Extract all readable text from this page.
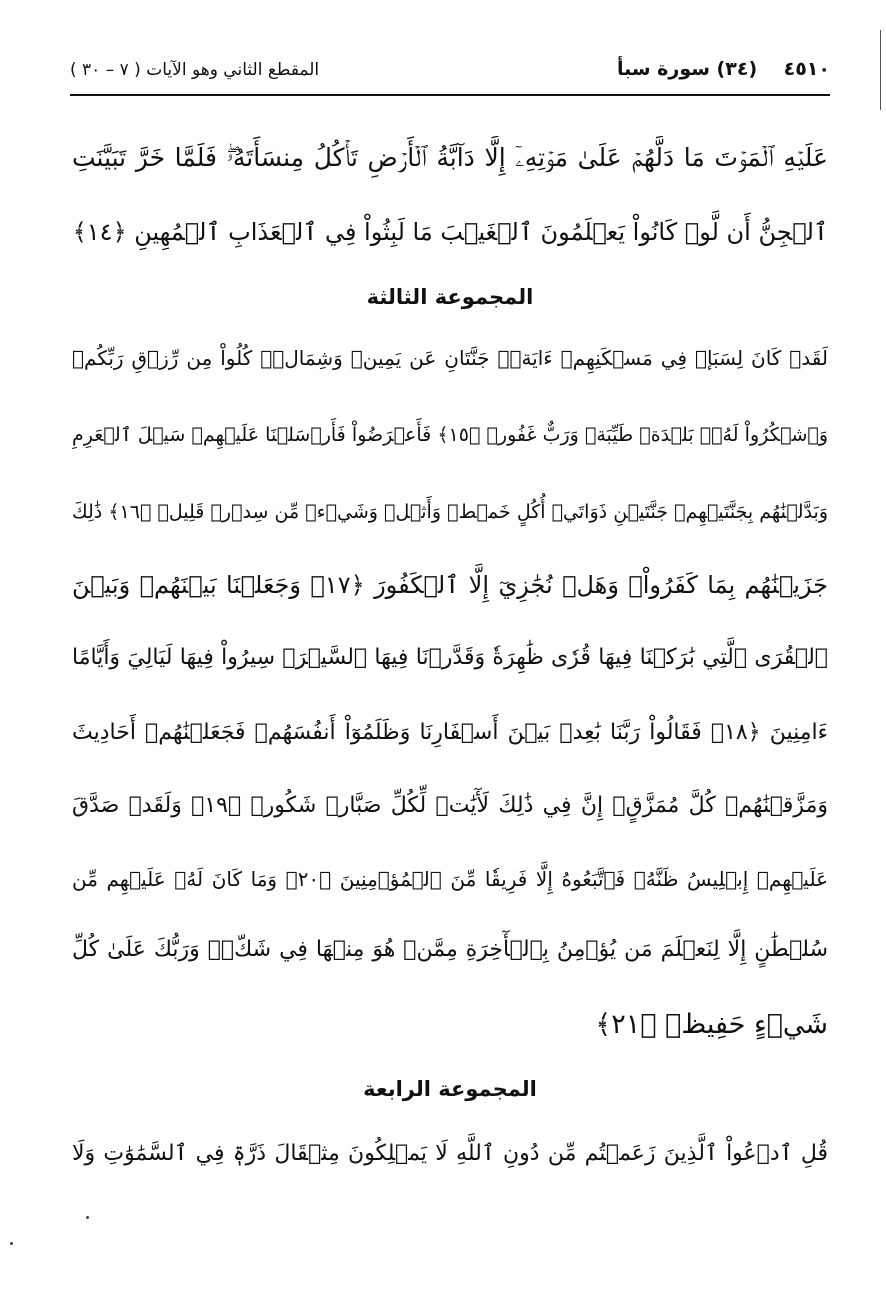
٤٥١٠    (٣٤) سورة سبأ
المقطع الثاني وهو الآيات ( ٧ – ٣٠ )
عَلَيۡهِ ٱلۡمَوۡتَ مَا دَلَّهُمۡ عَلَىٰ مَوۡتِهِۦٓ إِلَّا دَآبَّةُ ٱلۡأَرۡضِ تَأۡكُلُ مِنسَأَتَهُۥۖ فَلَمَّا خَرَّ تَبَيَّنَتِ
ٱلۡجِنُّ أَن لَّوۡ كَانُواْ يَعۡلَمُونَ ٱلۡغَيۡبَ مَا لَبِثُواْ فِي ٱلۡعَذَابِ ٱلۡمُهِينِ ﴿١٤﴾
المجموعة الثالثة
لَقَدۡ كَانَ لِسَبَإٖ فِي مَسۡكَنِهِمۡ ءَايَةٞۖ جَنَّتَانِ عَن يَمِينٖ وَشِمَالٖۖ كُلُواْ مِن رِّزۡقِ رَبِّكُمۡ
وَٱشۡكُرُواْ لَهُۥۚ بَلۡدَةٞ طَيِّبَةٞ وَرَبٌّ غَفُورٞ ﴿١٥﴾ فَأَعۡرَضُواْ فَأَرۡسَلۡنَا عَلَيۡهِمۡ سَيۡلَ ٱلۡعَرِمِ
وَبَدَّلۡنَٰهُم بِجَنَّتَيۡهِمۡ جَنَّتَيۡنِ ذَوَاتَيۡ أُكُلٍ خَمۡطٖ وَأَثۡلٖ وَشَيۡءٖ مِّن سِدۡرٖ قَلِيلٖ ﴿١٦﴾ ذَٰلِكَ
جَزَيۡنَٰهُم بِمَا كَفَرُواْۖ وَهَلۡ نُجَٰزِيٓ إِلَّا ٱلۡكَفُورَ ﴿١٧﴾ وَجَعَلۡنَا بَيۡنَهُمۡ وَبَيۡنَ
ٱلۡقُرَى ٱلَّتِي بَٰرَكۡنَا فِيهَا قُرٗى ظَٰهِرَةٗ وَقَدَّرۡنَا فِيهَا ٱلسَّيۡرَۖ سِيرُواْ فِيهَا لَيَالِيَ وَأَيَّامًا
ءَامِنِينَ ﴿١٨﴾ فَقَالُواْ رَبَّنَا بَٰعِدۡ بَيۡنَ أَسۡفَارِنَا وَظَلَمُوٓاْ أَنفُسَهُمۡ فَجَعَلۡنَٰهُمۡ أَحَادِيثَ
وَمَزَّقۡنَٰهُمۡ كُلَّ مُمَزَّقٍۚ إِنَّ فِي ذَٰلِكَ لَأٓيَٰتٖ لِّكُلِّ صَبَّارٖ شَكُورٖ ﴿١٩﴾ وَلَقَدۡ صَدَّقَ
عَلَيۡهِمۡ إِبۡلِيسُ ظَنَّهُۥ فَٱتَّبَعُوهُ إِلَّا فَرِيقٗا مِّنَ ٱلۡمُؤۡمِنِينَ ﴿٢٠﴾ وَمَا كَانَ لَهُۥ عَلَيۡهِم مِّن
سُلۡطَٰنٍ إِلَّا لِنَعۡلَمَ مَن يُؤۡمِنُ بِٱلۡأٓخِرَةِ مِمَّنۡ هُوَ مِنۡهَا فِي شَكّٖۗ وَرَبُّكَ عَلَىٰ كُلِّ
شَيۡءٍ حَفِيظٞ ﴿٢١﴾
المجموعة الرابعة
قُلِ ٱدۡعُواْ ٱلَّذِينَ زَعَمۡتُم مِّن دُونِ ٱللَّهِ لَا يَمۡلِكُونَ مِثۡقَالَ ذَرَّةٖ فِي ٱلسَّمَٰوَٰتِ وَلَا
